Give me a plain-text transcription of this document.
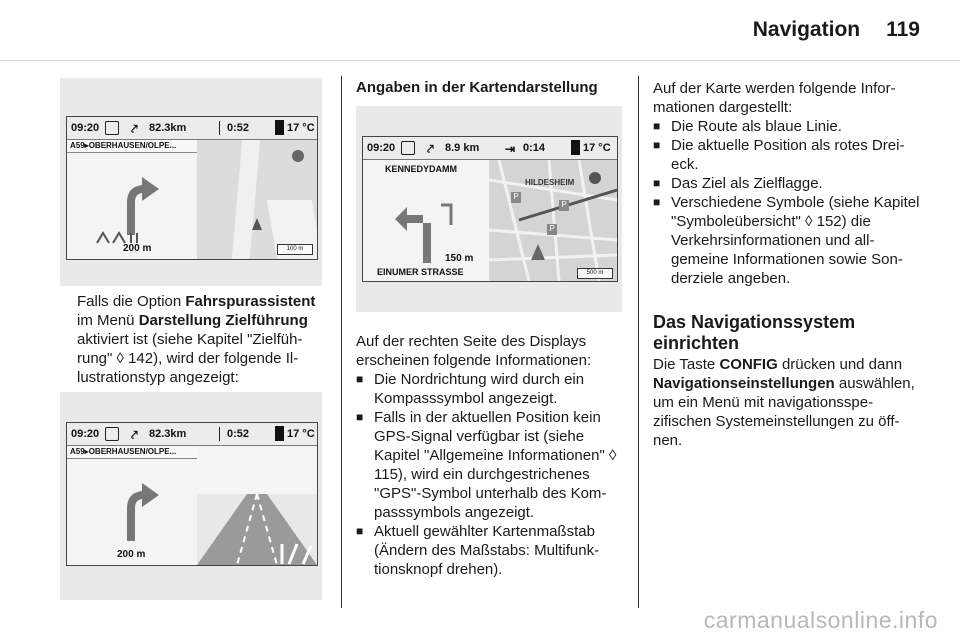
Navigation 119
09:20	⤤ 82.3km	0:52	17 °C
A59▸OBERHAUSEN/OLPE...
200 m	100 m

Falls die Option Fahrspurassistent im Menü Darstellung Zielführung aktiviert ist (siehe Kapitel "Zielführung" ◊ 142), wird der folgende Illustrationstyp angezeigt:

09:20	⤤ 82.3km	0:52	17 °C
A59▸OBERHAUSEN/OLPE...
200 m
Angaben in der Kartendarstellung
09:20	⤤ 8.9 km ⇥ 0:14	17 °C
KENNEDYDAMM
150 m
EINUMER STRASSE
HILDESHEIM
P
P
P
500 m

Auf der rechten Seite des Displays erscheinen folgende Informationen:

■ Die Nordrichtung wird durch ein Kompasssymbol angezeigt.

■ Falls in der aktuellen Position kein GPS-Signal verfügbar ist (siehe Kapitel "Allgemeine Informationen" ◊ 115), wird ein durchgestrichenes "GPS"-Symbol unterhalb des Kompasssymbols angezeigt.

■ Aktuell gewählter Kartenmaßstab (Ändern des Maßstabs: Multifunktionsknopf drehen).

Auf der Karte werden folgende Informationen dargestellt:

■ Die Route als blaue Linie.

■ Die aktuelle Position als rotes Dreieck.

■ Das Ziel als Zielflagge.

■ Verschiedene Symbole (siehe Kapitel "Symboleübersicht" ◊ 152) die Verkehrsinformationen und allgemeine Informationen sowie Sonderziele angeben.

Das Navigationssystem einrichten

Die Taste CONFIG drücken und dann Navigationseinstellungen auswählen, um ein Menü mit navigationsspezifischen Systemeinstellungen zu öffnen.

carmanualsonline.info
